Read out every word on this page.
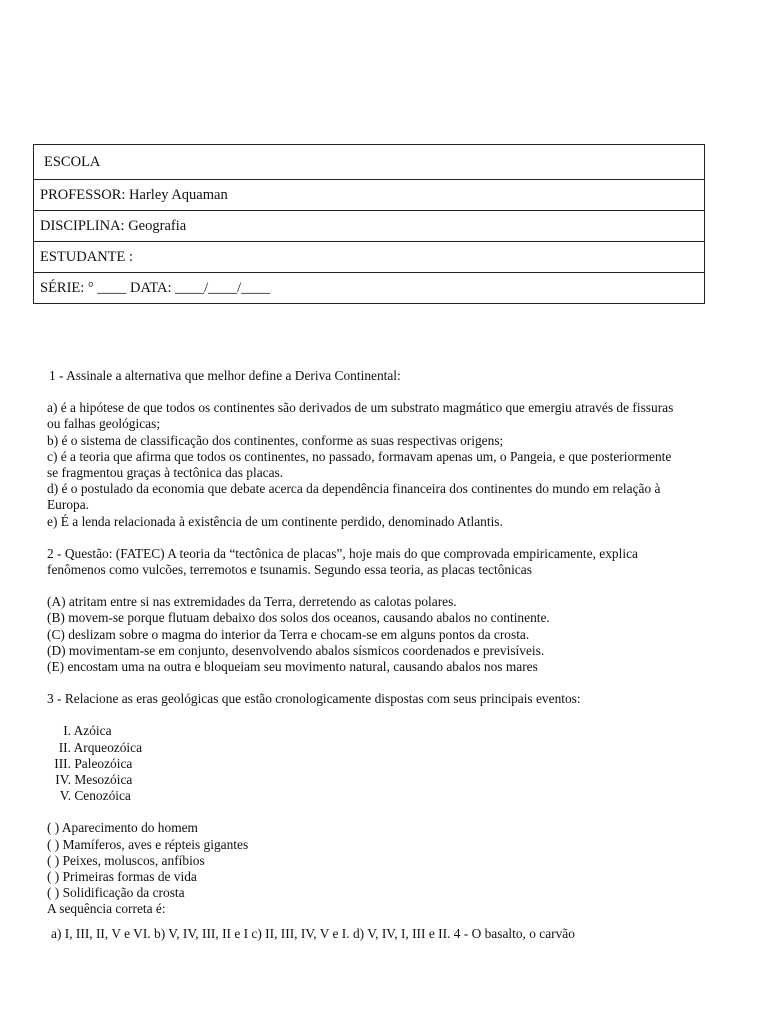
ESCOLA
PROFESSOR: Harley Aquaman
DISCIPLINA: Geografia
ESTUDANTE :
SÉRIE: ° ____ DATA: ____/____/____

1 - Assinale a alternativa que melhor define a Deriva Continental:

a) é a hipótese de que todos os continentes são derivados de um substrato magmático que emergiu através de fissuras

ou falhas geológicas;

b) é o sistema de classificação dos continentes, conforme as suas respectivas origens;

c) é a teoria que afirma que todos os continentes, no passado, formavam apenas um, o Pangeia, e que posteriormente

se fragmentou graças à tectônica das placas.

d) é o postulado da economia que debate acerca da dependência financeira dos continentes do mundo em relação à

Europa.

e) É a lenda relacionada à existência de um continente perdido, denominado Atlantis.

2 - Questão: (FATEC) A teoria da “tectônica de placas”, hoje mais do que comprovada empiricamente, explica

fenômenos como vulcões, terremotos e tsunamis. Segundo essa teoria, as placas tectônicas

(A) atritam entre si nas extremidades da Terra, derretendo as calotas polares.

(B) movem-se porque flutuam debaixo dos solos dos oceanos, causando abalos no continente.

(C) deslizam sobre o magma do interior da Terra e chocam-se em alguns pontos da crosta.

(D) movimentam-se em conjunto, desenvolvendo abalos sísmicos coordenados e previsíveis.

(E) encostam uma na outra e bloqueiam seu movimento natural, causando abalos nos mares

3 - Relacione as eras geológicas que estão cronologicamente dispostas com seus principais eventos:

I. Azóica
II. Arqueozóica
III. Paleozóica
IV. Mesozóica
V. Cenozóica

( ) Aparecimento do homem

( ) Mamíferos, aves e répteis gigantes

( ) Peixes, moluscos, anfíbios

( ) Primeiras formas de vida

( ) Solidificação da crosta

A sequência correta é:

a) I, III, II, V e VI. b) V, IV, III, II e I c) II, III, IV, V e I. d) V, IV, I, III e II. 4 - O basalto, o carvão
